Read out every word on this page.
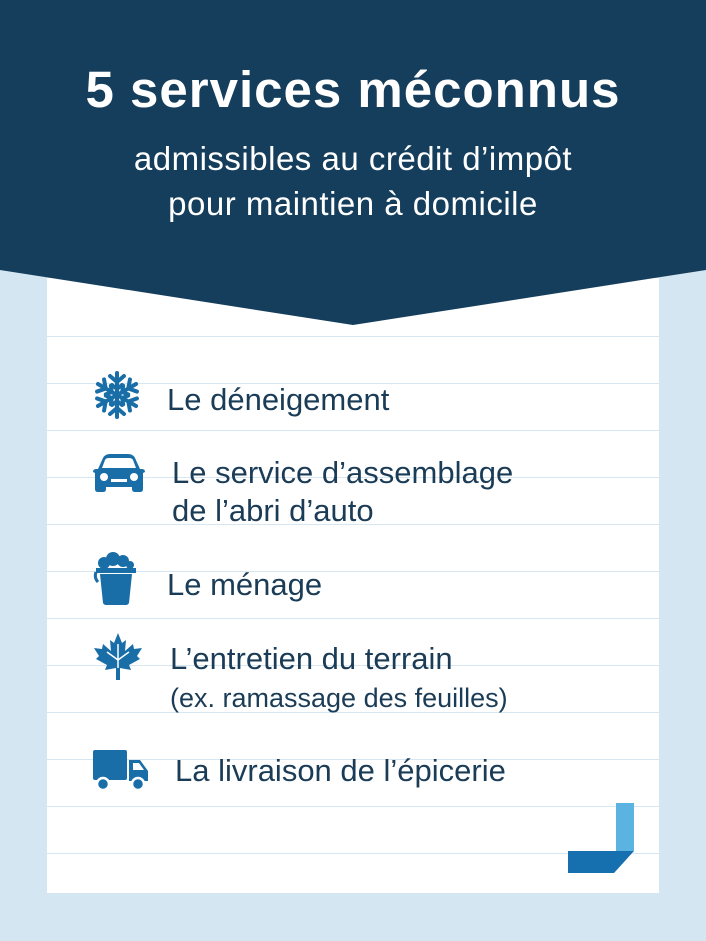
5 services méconnus
admissibles au crédit d’impôt
pour maintien à domicile
Le déneigement
Le service d’assemblage
de l’abri d’auto
Le ménage
L’entretien du terrain
(ex. ramassage des feuilles)
La livraison de l’épicerie
